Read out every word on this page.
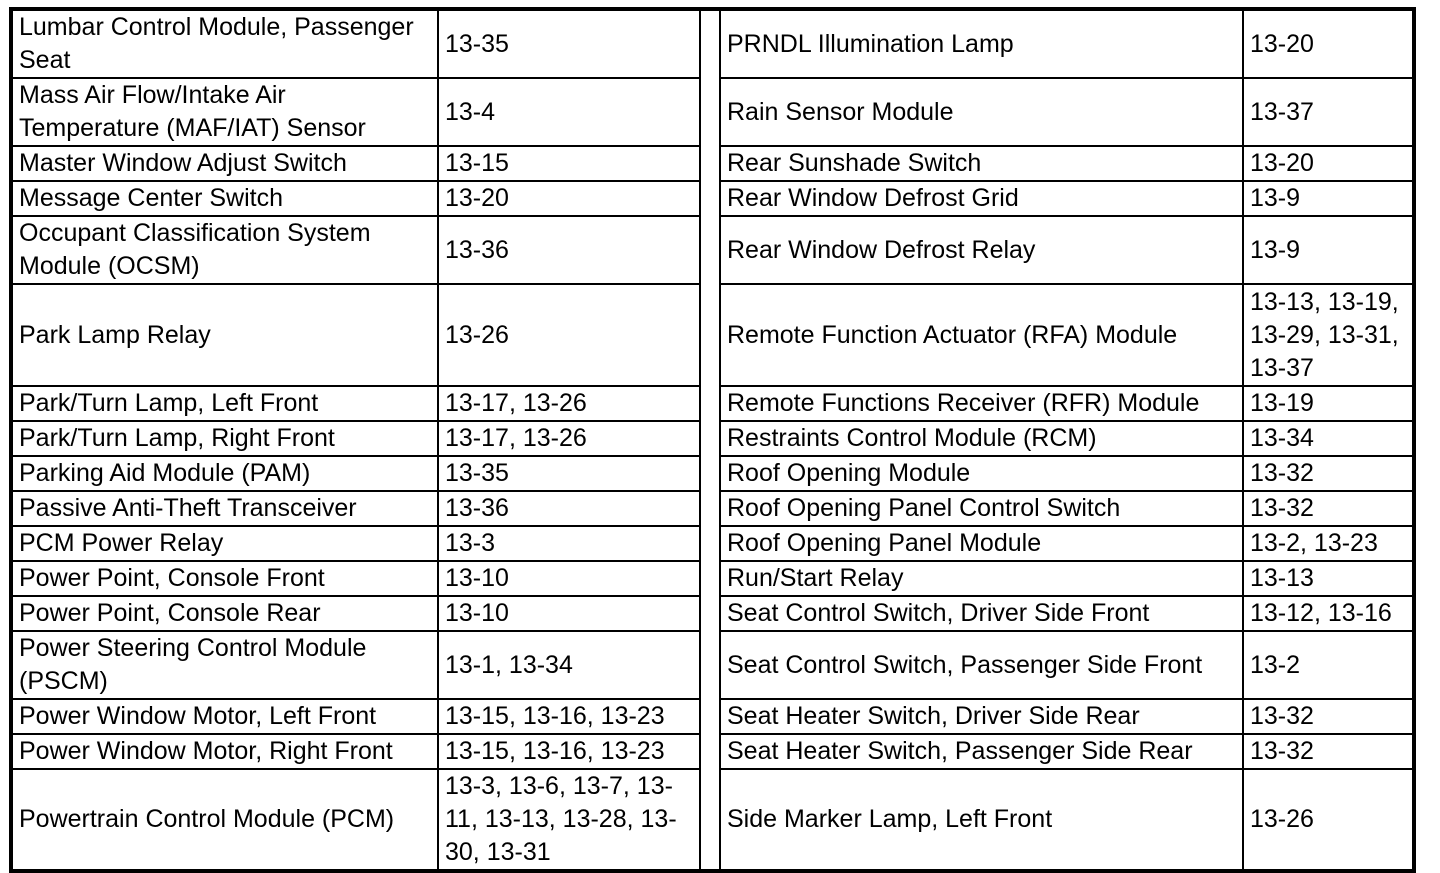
Lumbar Control Module, Passenger Seat	13-35		PRNDL Illumination Lamp	13-20
Mass Air Flow/Intake Air Temperature (MAF/IAT) Sensor	13-4		Rain Sensor Module	13-37
Master Window Adjust Switch	13-15		Rear Sunshade Switch	13-20
Message Center Switch	13-20		Rear Window Defrost Grid	13-9
Occupant Classification System Module (OCSM)	13-36		Rear Window Defrost Relay	13-9
Park Lamp Relay	13-26		Remote Function Actuator (RFA) Module	13-13, 13-19, 13-29, 13-31, 13-37
Park/Turn Lamp, Left Front	13-17, 13-26		Remote Functions Receiver (RFR) Module	13-19
Park/Turn Lamp, Right Front	13-17, 13-26		Restraints Control Module (RCM)	13-34
Parking Aid Module (PAM)	13-35		Roof Opening Module	13-32
Passive Anti-Theft Transceiver	13-36		Roof Opening Panel Control Switch	13-32
PCM Power Relay	13-3		Roof Opening Panel Module	13-2, 13-23
Power Point, Console Front	13-10		Run/Start Relay	13-13
Power Point, Console Rear	13-10		Seat Control Switch, Driver Side Front	13-12, 13-16
Power Steering Control Module (PSCM)	13-1, 13-34		Seat Control Switch, Passenger Side Front	13-2
Power Window Motor, Left Front	13-15, 13-16, 13-23		Seat Heater Switch, Driver Side Rear	13-32
Power Window Motor, Right Front	13-15, 13-16, 13-23		Seat Heater Switch, Passenger Side Rear	13-32
Powertrain Control Module (PCM)	13-3, 13-6, 13-7, 13-11, 13-13, 13-28, 13-30, 13-31		Side Marker Lamp, Left Front	13-26
